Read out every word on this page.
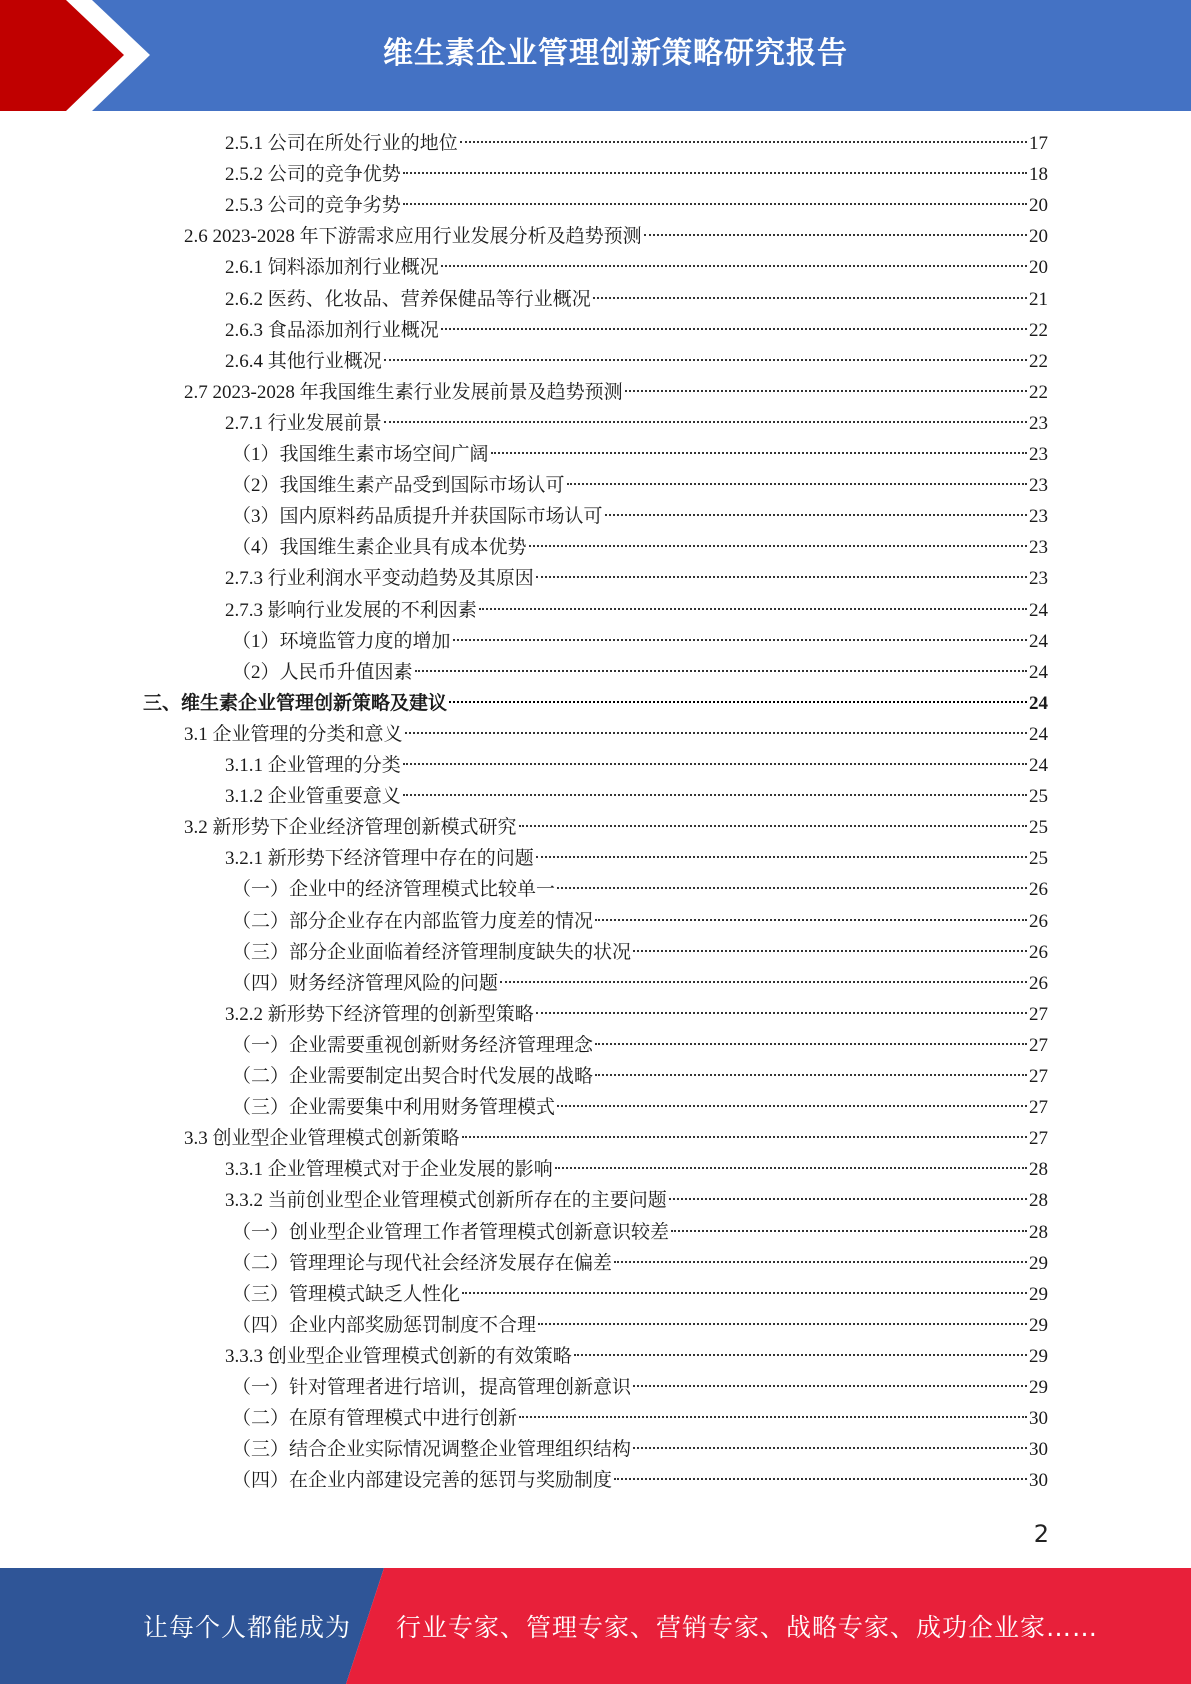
维生素企业管理创新策略研究报告
2.5.1 公司在所处行业的地位	17
2.5.2 公司的竞争优势	18
2.5.3 公司的竞争劣势	20
2.6 2023-2028 年下游需求应用行业发展分析及趋势预测	20
2.6.1 饲料添加剂行业概况	20
2.6.2 医药、化妆品、营养保健品等行业概况	21
2.6.3 食品添加剂行业概况	22
2.6.4 其他行业概况	22
2.7 2023-2028 年我国维生素行业发展前景及趋势预测	22
2.7.1 行业发展前景	23
（1）我国维生素市场空间广阔	23
（2）我国维生素产品受到国际市场认可	23
（3）国内原料药品质提升并获国际市场认可	23
（4）我国维生素企业具有成本优势	23
2.7.3 行业利润水平变动趋势及其原因	23
2.7.3 影响行业发展的不利因素	24
（1）环境监管力度的增加	24
（2）人民币升值因素	24
三、维生素企业管理创新策略及建议	24
3.1 企业管理的分类和意义	24
3.1.1 企业管理的分类	24
3.1.2 企业管重要意义	25
3.2 新形势下企业经济管理创新模式研究	25
3.2.1 新形势下经济管理中存在的问题	25
（一）企业中的经济管理模式比较单一	26
（二）部分企业存在内部监管力度差的情况	26
（三）部分企业面临着经济管理制度缺失的状况	26
（四）财务经济管理风险的问题	26
3.2.2 新形势下经济管理的创新型策略	27
（一）企业需要重视创新财务经济管理理念	27
（二）企业需要制定出契合时代发展的战略	27
（三）企业需要集中利用财务管理模式	27
3.3 创业型企业管理模式创新策略	27
3.3.1 企业管理模式对于企业发展的影响	28
3.3.2 当前创业型企业管理模式创新所存在的主要问题	28
（一）创业型企业管理工作者管理模式创新意识较差	28
（二）管理理论与现代社会经济发展存在偏差	29
（三）管理模式缺乏人性化	29
（四）企业内部奖励惩罚制度不合理	29
3.3.3 创业型企业管理模式创新的有效策略	29
（一）针对管理者进行培训，提高管理创新意识	29
（二）在原有管理模式中进行创新	30
（三）结合企业实际情况调整企业管理组织结构	30
（四）在企业内部建设完善的惩罚与奖励制度	30
2
让每个人都能成为 行业专家、管理专家、营销专家、战略专家、成功企业家……
